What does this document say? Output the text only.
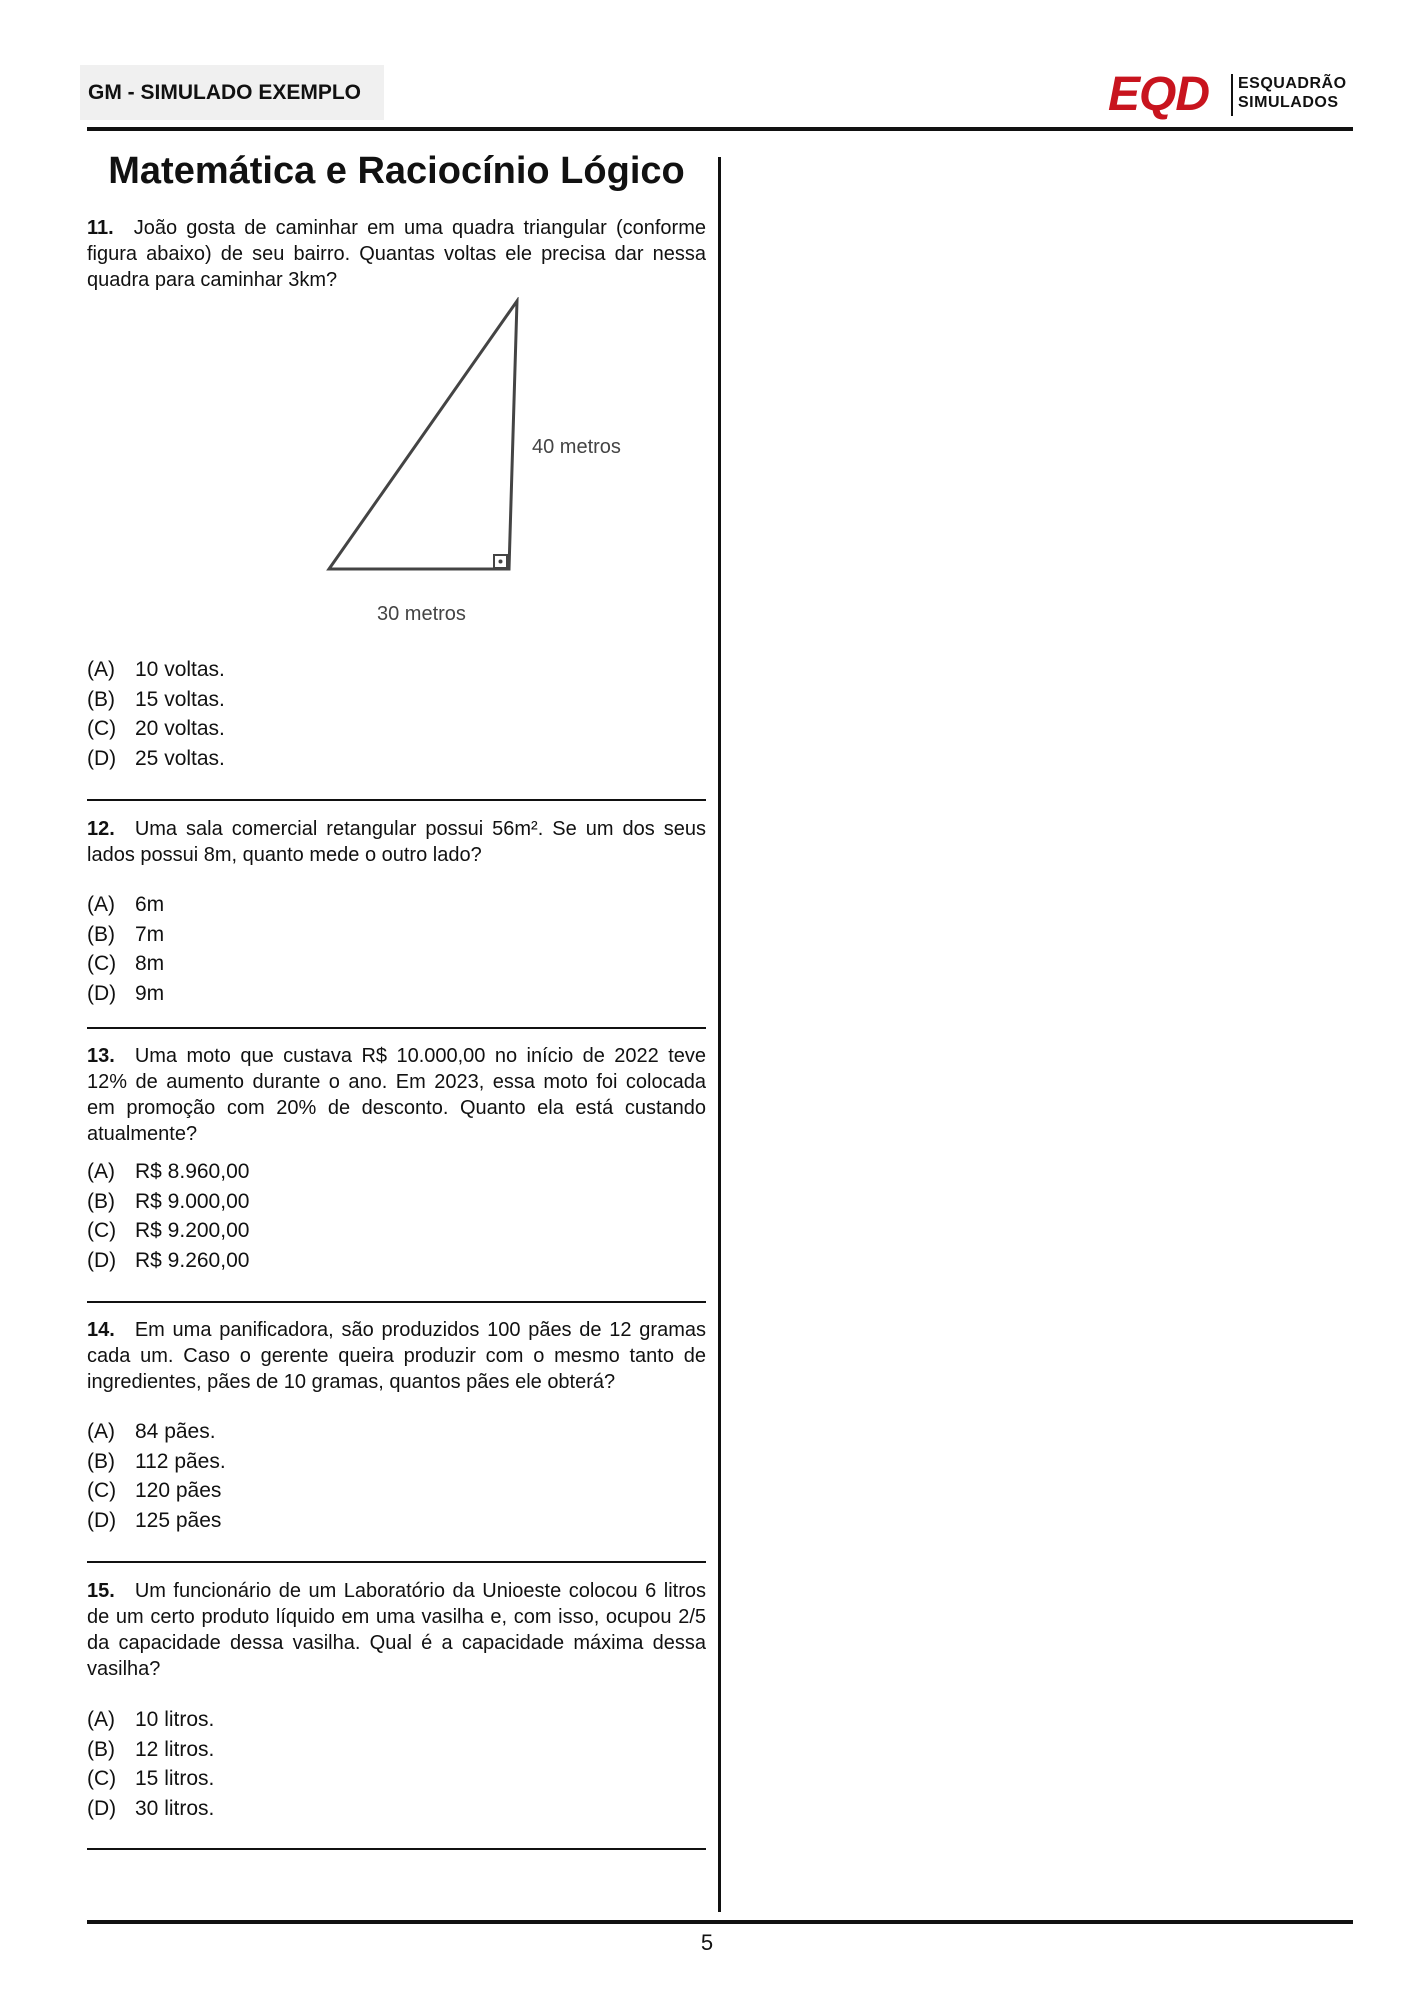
GM - SIMULADO EXEMPLO	EQD ESQUADRÃO
SIMULADOS
Matemática e Raciocínio Lógico

11. João gosta de caminhar em uma quadra triangular (conforme figura abaixo) de seu bairro. Quantas voltas ele precisa dar nessa quadra para caminhar 3km?

40 metros
30 metros
(A) 10 voltas.
(B) 15 voltas.
(C) 20 voltas.
(D) 25 voltas.

12. Uma sala comercial retangular possui 56m². Se um dos seus lados possui 8m, quanto mede o outro lado?

(A) 6m
(B) 7m
(C) 8m
(D) 9m

13. Uma moto que custava R$ 10.000,00 no início de 2022 teve 12% de aumento durante o ano. Em 2023, essa moto foi colocada em promoção com 20% de desconto. Quanto ela está custando atualmente?

(A) R$ 8.960,00
(B) R$ 9.000,00
(C) R$ 9.200,00
(D) R$ 9.260,00

14. Em uma panificadora, são produzidos 100 pães de 12 gramas cada um. Caso o gerente queira produzir com o mesmo tanto de ingredientes, pães de 10 gramas, quantos pães ele obterá?

(A) 84 pães.
(B) 112 pães.
(C) 120 pães
(D) 125 pães

15. Um funcionário de um Laboratório da Unioeste colocou 6 litros de um certo produto líquido em uma vasilha e, com isso, ocupou 2/5 da capacidade dessa vasilha. Qual é a capacidade máxima dessa vasilha?

(A) 10 litros.
(B) 12 litros.
(C) 15 litros.
(D) 30 litros.
5
